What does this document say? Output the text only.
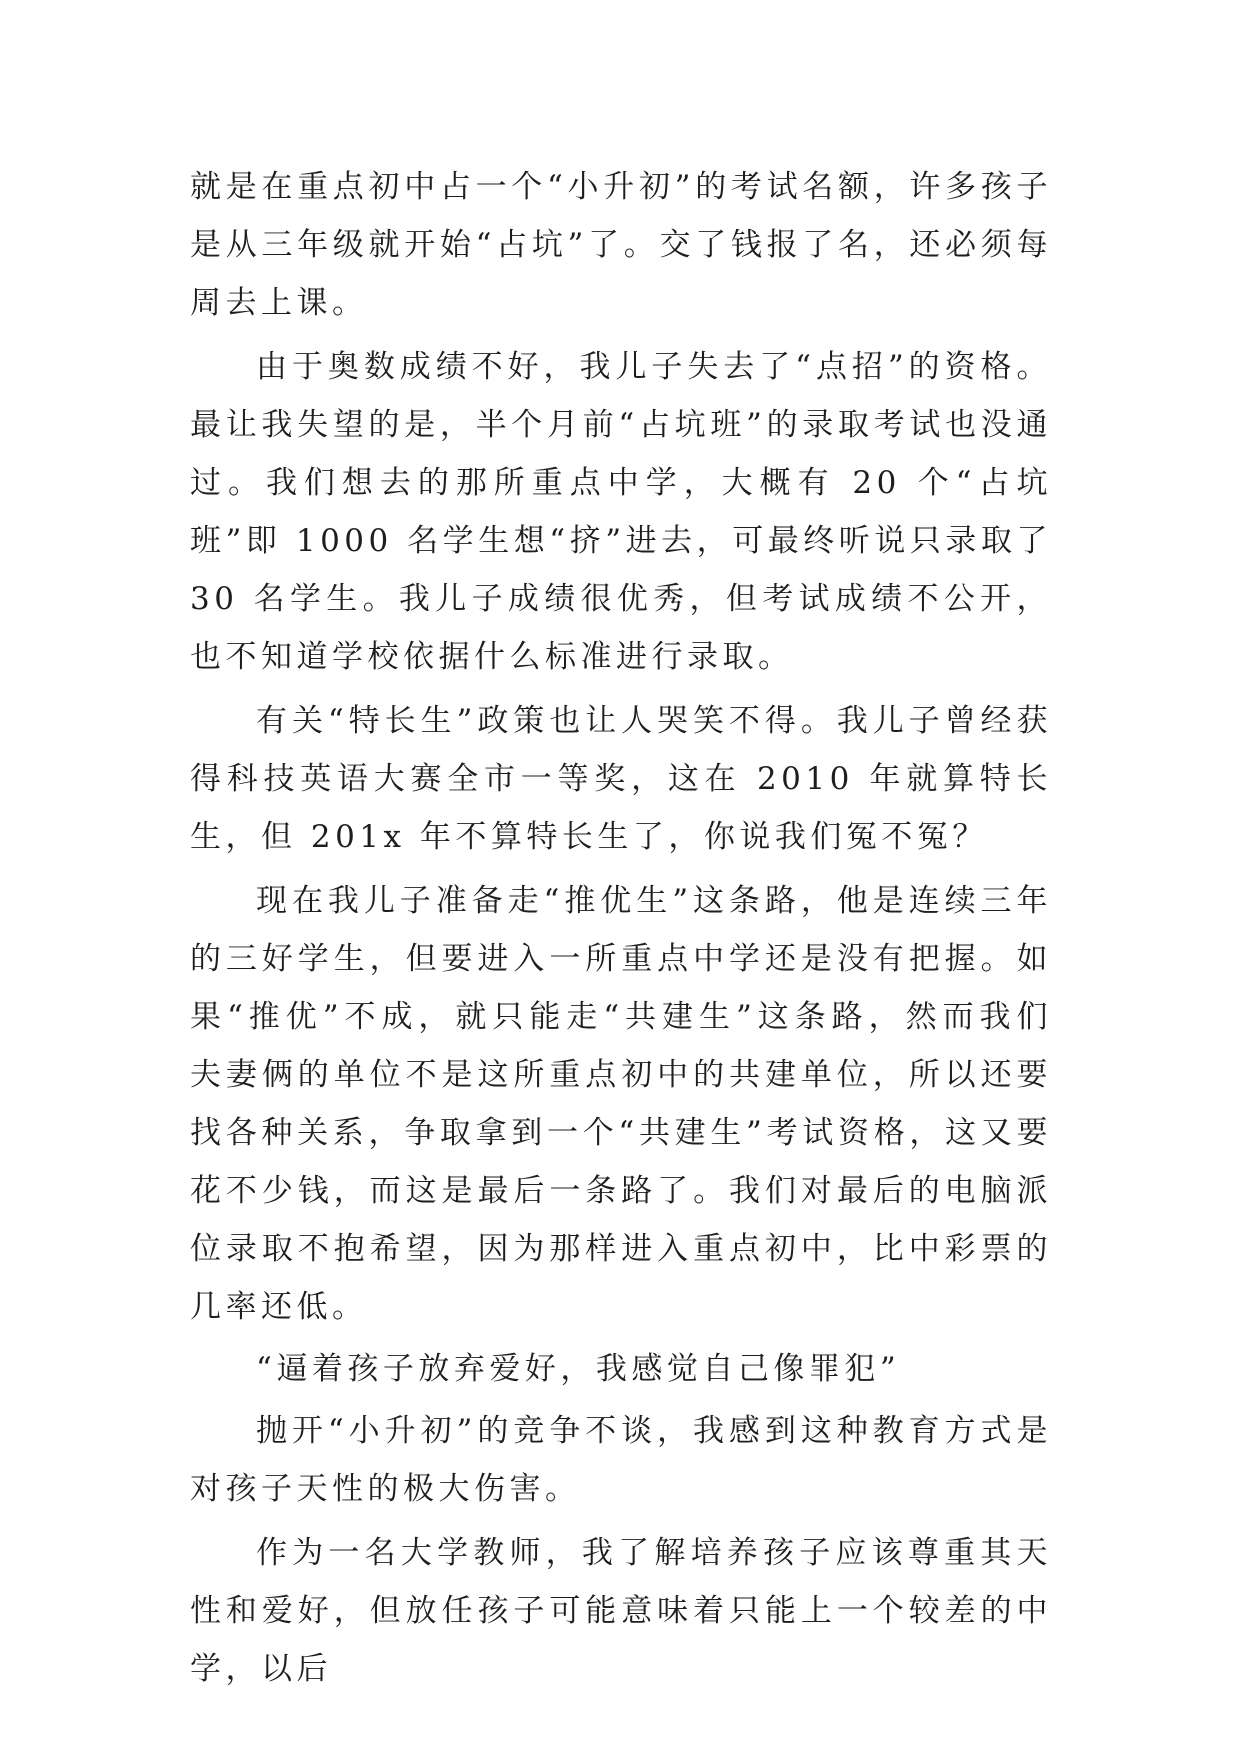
就是在重点初中占一个“小升初”的考试名额，许多孩子是从三年级就开始“占坑”了。交了钱报了名，还必须每周去上课。

由于奥数成绩不好，我儿子失去了“点招”的资格。最让我失望的是，半个月前“占坑班”的录取考试也没通过。我们想去的那所重点中学，大概有 20 个“占坑班”即 1000 名学生想“挤”进去，可最终听说只录取了 30 名学生。我儿子成绩很优秀，但考试成绩不公开，也不知道学校依据什么标准进行录取。

有关“特长生”政策也让人哭笑不得。我儿子曾经获得科技英语大赛全市一等奖，这在 2010 年就算特长生，但 201x 年不算特长生了，你说我们冤不冤？

现在我儿子准备走“推优生”这条路，他是连续三年的三好学生，但要进入一所重点中学还是没有把握。如果“推优”不成，就只能走“共建生”这条路，然而我们夫妻俩的单位不是这所重点初中的共建单位，所以还要找各种关系，争取拿到一个“共建生”考试资格，这又要花不少钱，而这是最后一条路了。我们对最后的电脑派位录取不抱希望，因为那样进入重点初中，比中彩票的几率还低。

“逼着孩子放弃爱好，我感觉自己像罪犯”

抛开“小升初”的竞争不谈，我感到这种教育方式是对孩子天性的极大伤害。

作为一名大学教师，我了解培养孩子应该尊重其天性和爱好，但放任孩子可能意味着只能上一个较差的中学，以后
